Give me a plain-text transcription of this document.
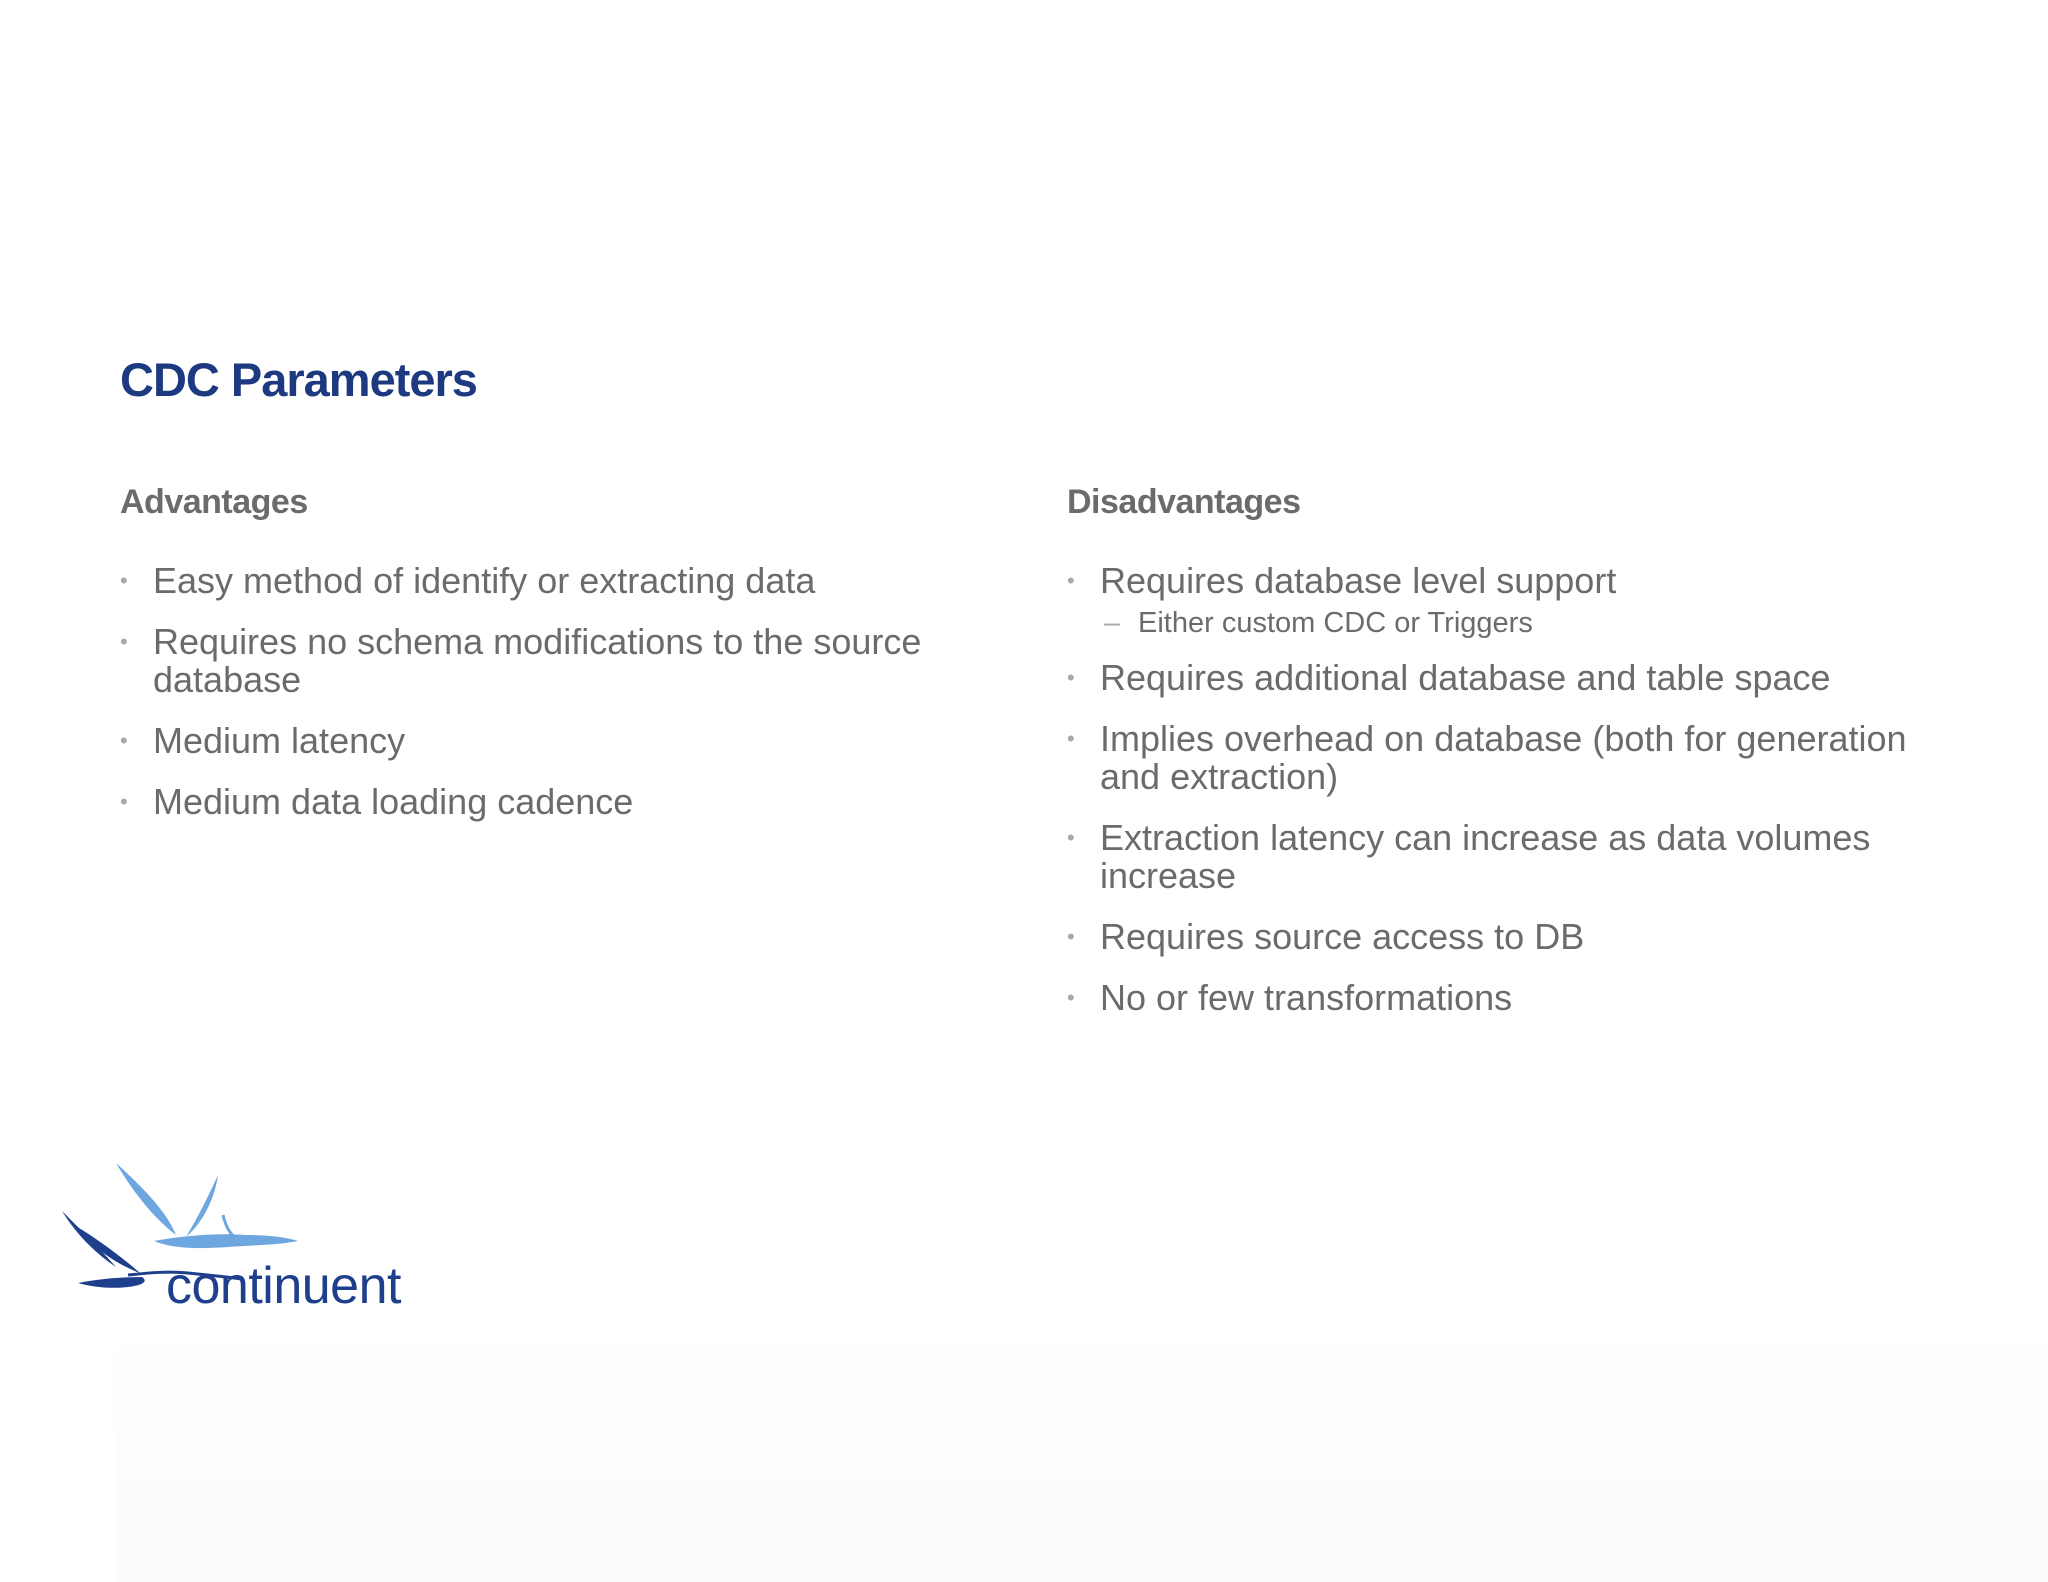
CDC Parameters
Advantages
• Easy method of identify or extracting data
• Requires no schema modifications to the source database
• Medium latency
• Medium data loading cadence
Disadvantages
• Requires database level support
– Either custom CDC or Triggers
• Requires additional database and table space
• Implies overhead on database (both for generation and extraction)
• Extraction latency can increase as data volumes increase
• Requires source access to DB
• No or few transformations
continuent
